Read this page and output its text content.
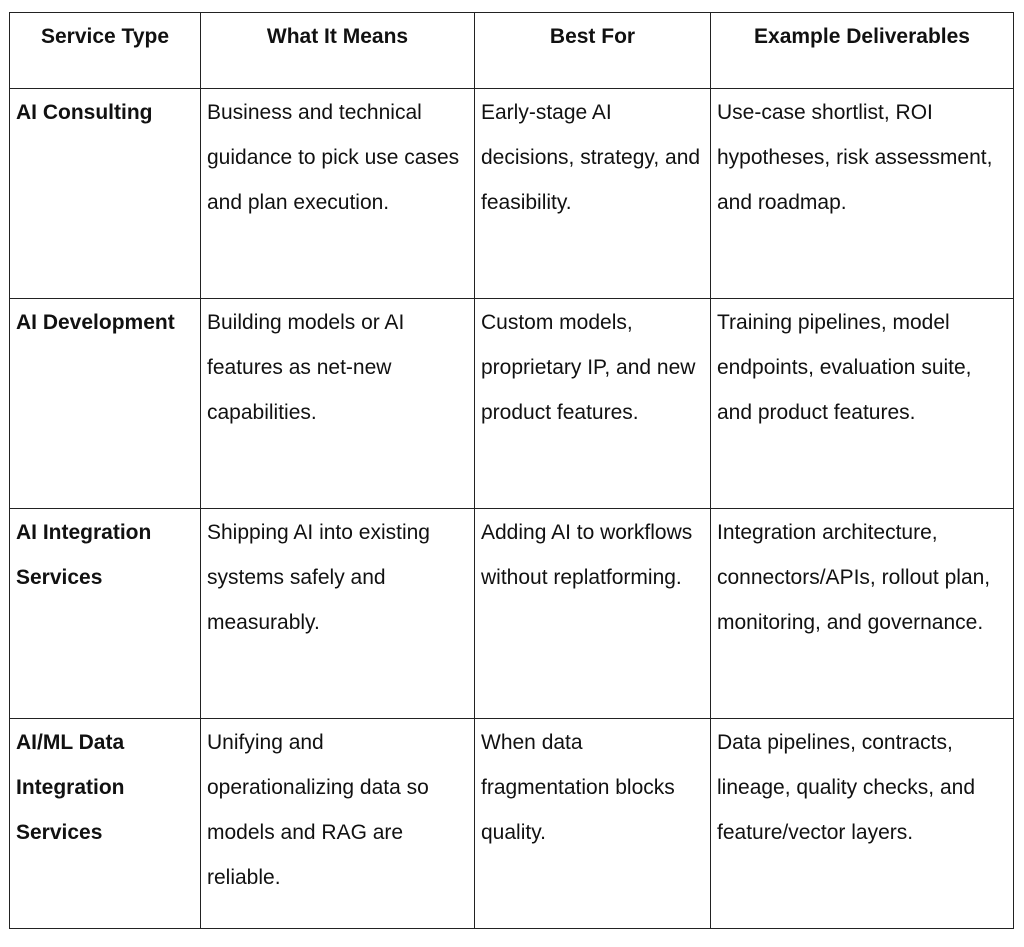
Service Type	What It Means	Best For	Example Deliverables
AI Consulting	Business and technical guidance to pick use cases and plan execution.	Early-stage AI decisions, strategy, and feasibility.	Use-case shortlist, ROI hypotheses, risk assessment, and roadmap.
AI Development	Building models or AI features as net-new capabilities.	Custom models, proprietary IP, and new product features.	Training pipelines, model endpoints, evaluation suite, and product features.
AI Integration Services	Shipping AI into existing systems safely and measurably.	Adding AI to workflows without replatforming.	Integration architecture, connectors/APIs, rollout plan, monitoring, and governance.
AI/ML Data Integration Services	Unifying and operationalizing data so models and RAG are reliable.	When data fragmentation blocks quality.	Data pipelines, contracts, lineage, quality checks, and feature/vector layers.
